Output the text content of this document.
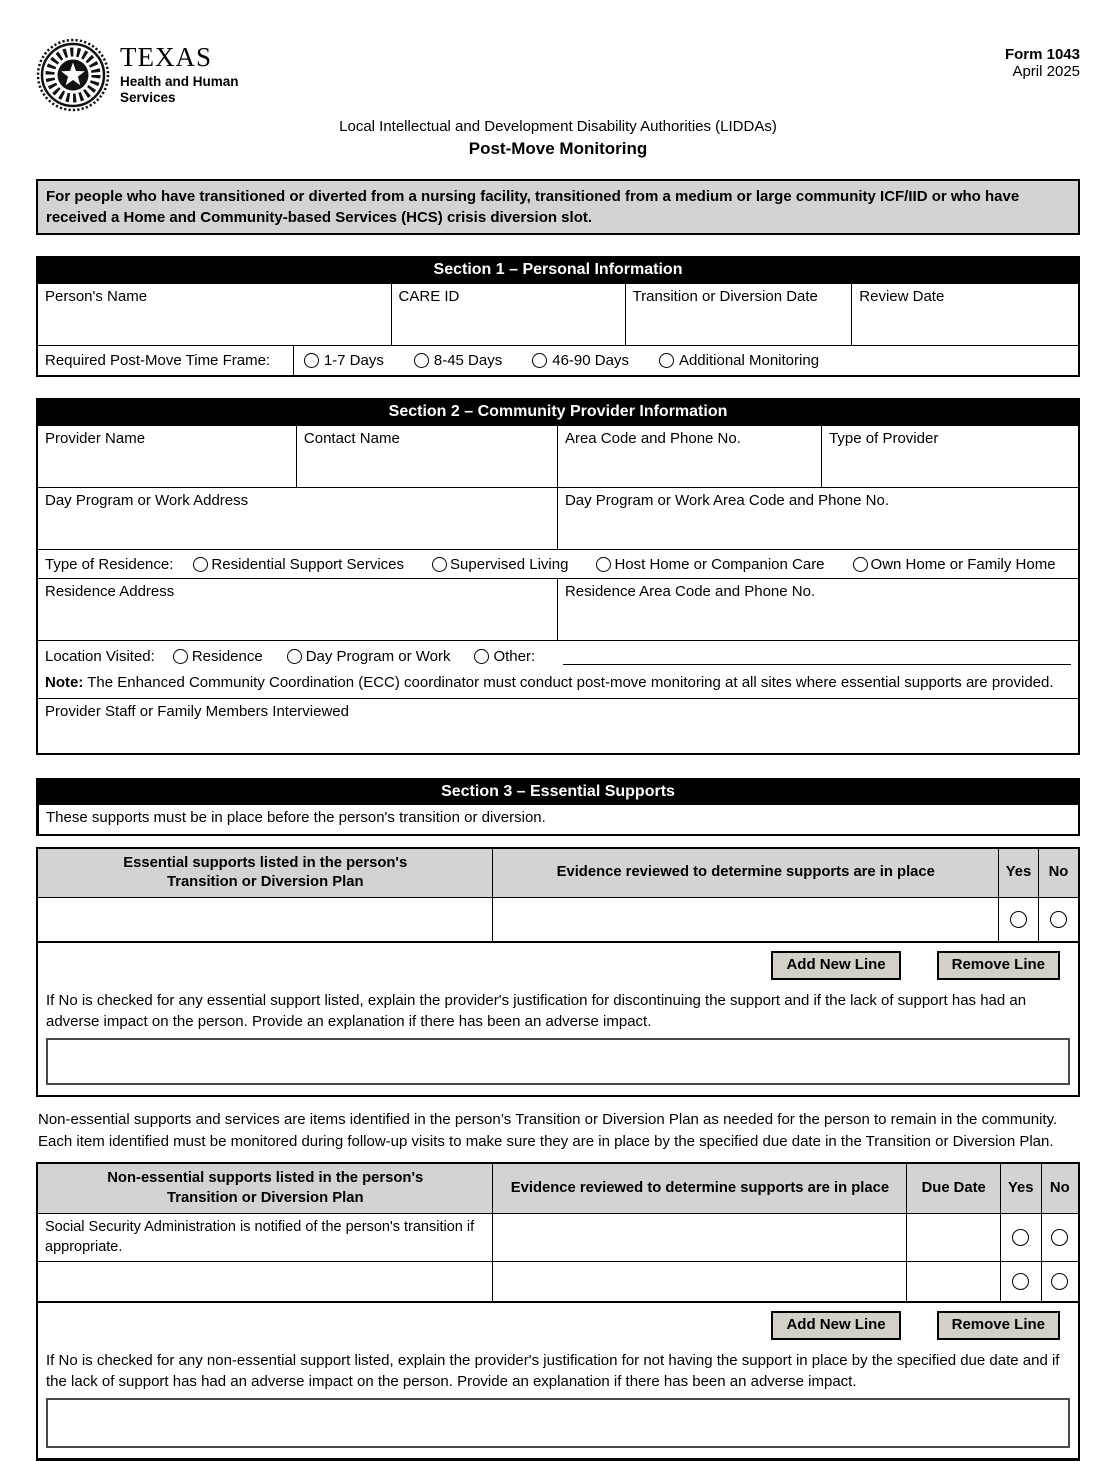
TEXAS
Health and Human
Services
Form 1043
April 2025
Local Intellectual and Development Disability Authorities (LIDDAs)
Post-Move Monitoring
For people who have transitioned or diverted from a nursing facility, transitioned from a medium or large community ICF/IID or who have received a Home and Community-based Services (HCS) crisis diversion slot.
Section 1 – Personal Information
Person's Name	CARE ID	Transition or Diversion Date	Review Date
Required Post-Move Time Frame:	1-7 Days	8-45 Days	46-90 Days	Additional Monitoring
Section 2 – Community Provider Information
Provider Name	Contact Name	Area Code and Phone No.	Type of Provider
Day Program or Work Address	Day Program or Work Area Code and Phone No.
Type of Residence:	Residential Support Services	Supervised Living	Host Home or Companion Care	Own Home or Family Home
Residence Address	Residence Area Code and Phone No.
Location Visited: Residence	Day Program or Work	Other:
Note: The Enhanced Community Coordination (ECC) coordinator must conduct post-move monitoring at all sites where essential supports are provided.
Provider Staff or Family Members Interviewed
Section 3 – Essential Supports
These supports must be in place before the person's transition or diversion.
Essential supports listed in the person's
Transition or Diversion Plan
Evidence reviewed to determine supports are in place	Yes	No
Add New Line	Remove Line
If No is checked for any essential support listed, explain the provider's justification for discontinuing the support and if the lack of support has had an adverse impact on the person. Provide an explanation if there has been an adverse impact.
Non-essential supports and services are items identified in the person’s Transition or Diversion Plan as needed for the person to remain in the community. Each item identified must be monitored during follow-up visits to make sure they are in place by the specified due date in the Transition or Diversion Plan.
Non-essential supports listed in the person's
Transition or Diversion Plan
Evidence reviewed to determine supports are in place	Due Date	Yes	No
Social Security Administration is notified of the person's transition if appropriate.
Add New Line	Remove Line
If No is checked for any non-essential support listed, explain the provider's justification for not having the support in place by the specified due date and if the lack of support has had an adverse impact on the person. Provide an explanation if there has been an adverse impact.
